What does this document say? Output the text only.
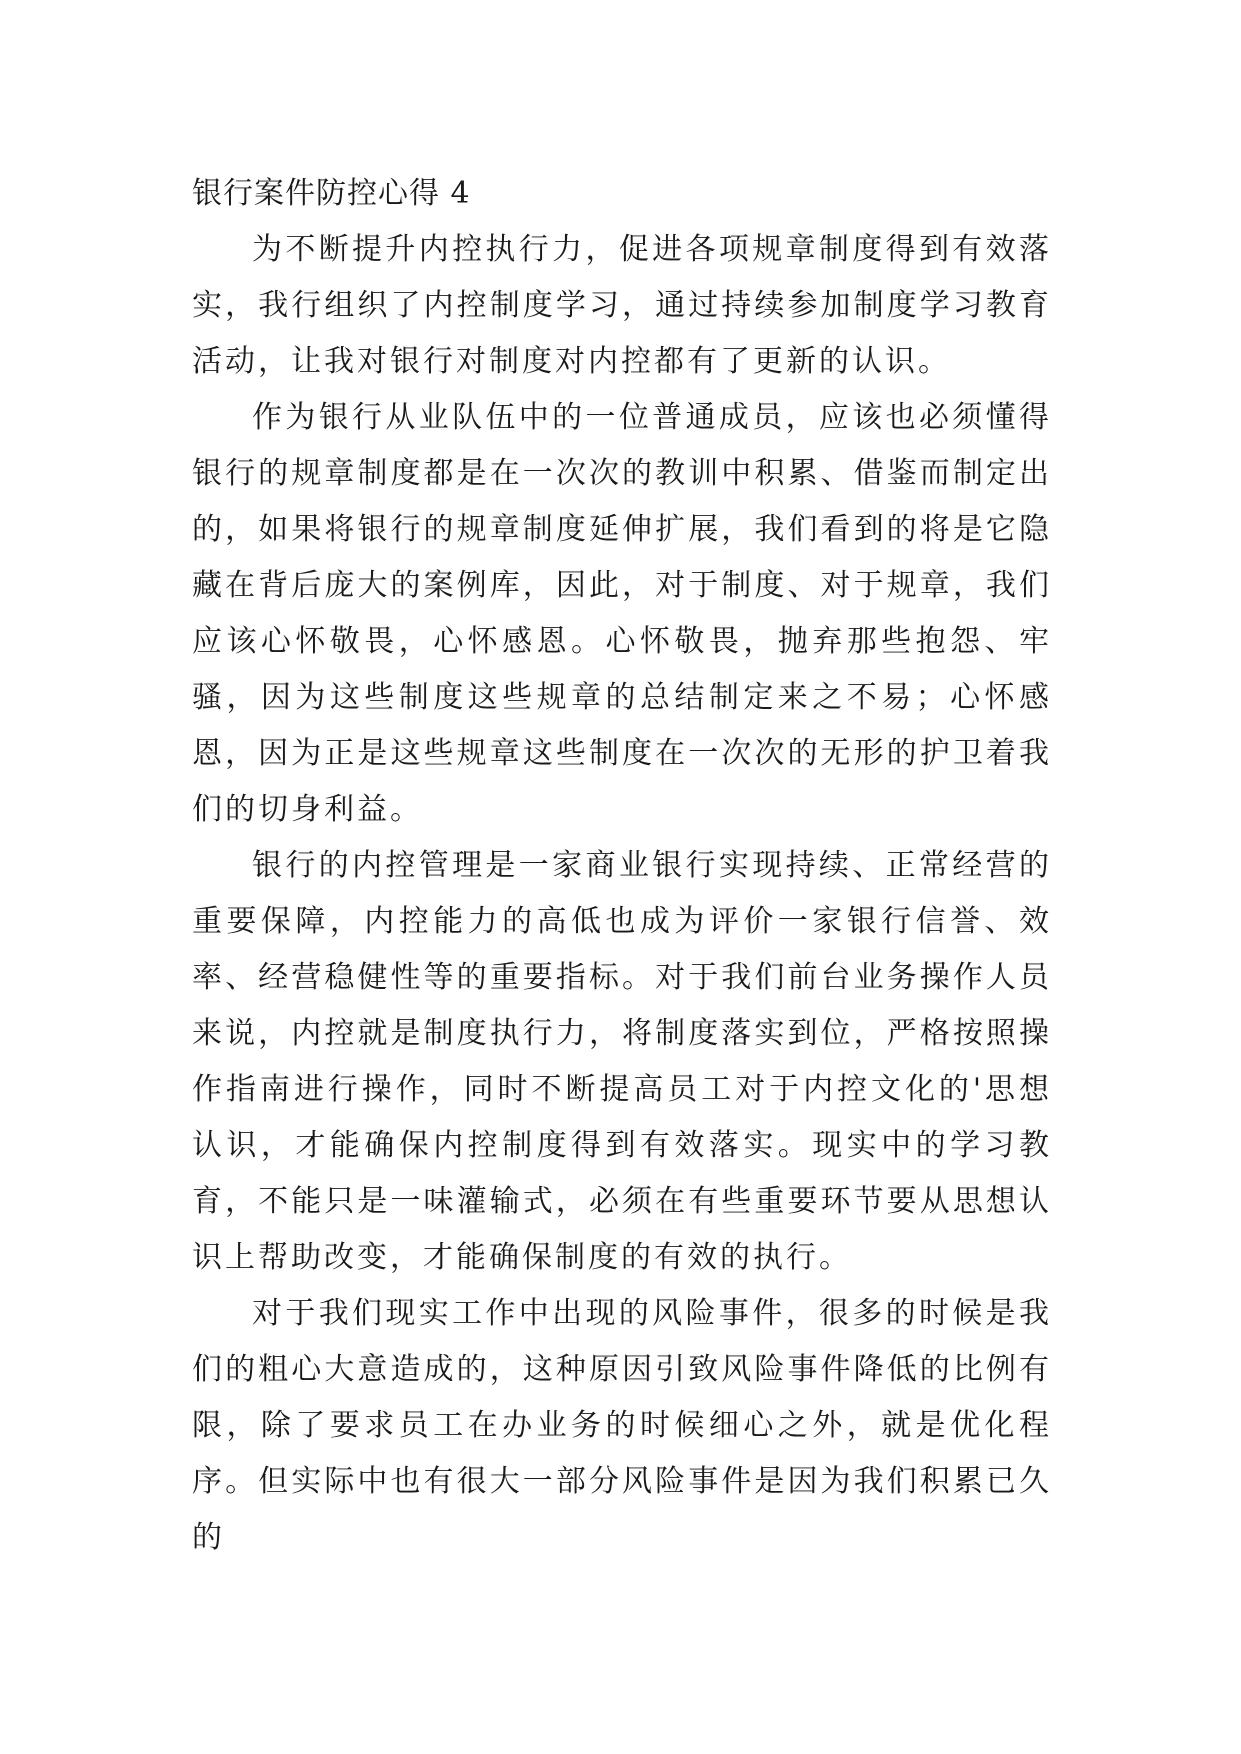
银行案件防控心得 4

为不断提升内控执行力，促进各项规章制度得到有效落实，我行组织了内控制度学习，通过持续参加制度学习教育活动，让我对银行对制度对内控都有了更新的认识。

作为银行从业队伍中的一位普通成员，应该也必须懂得银行的规章制度都是在一次次的教训中积累、借鉴而制定出的，如果将银行的规章制度延伸扩展，我们看到的将是它隐藏在背后庞大的案例库，因此，对于制度、对于规章，我们应该心怀敬畏，心怀感恩。心怀敬畏，抛弃那些抱怨、牢骚，因为这些制度这些规章的总结制定来之不易；心怀感恩，因为正是这些规章这些制度在一次次的无形的护卫着我们的切身利益。

银行的内控管理是一家商业银行实现持续、正常经营的重要保障，内控能力的高低也成为评价一家银行信誉、效率、经营稳健性等的重要指标。对于我们前台业务操作人员来说，内控就是制度执行力，将制度落实到位，严格按照操作指南进行操作，同时不断提高员工对于内控文化的'思想认识，才能确保内控制度得到有效落实。现实中的学习教育，不能只是一味灌输式，必须在有些重要环节要从思想认识上帮助改变，才能确保制度的有效的执行。

对于我们现实工作中出现的风险事件，很多的时候是我们的粗心大意造成的，这种原因引致风险事件降低的比例有限，除了要求员工在办业务的时候细心之外，就是优化程序。但实际中也有很大一部分风险事件是因为我们积累已久的
